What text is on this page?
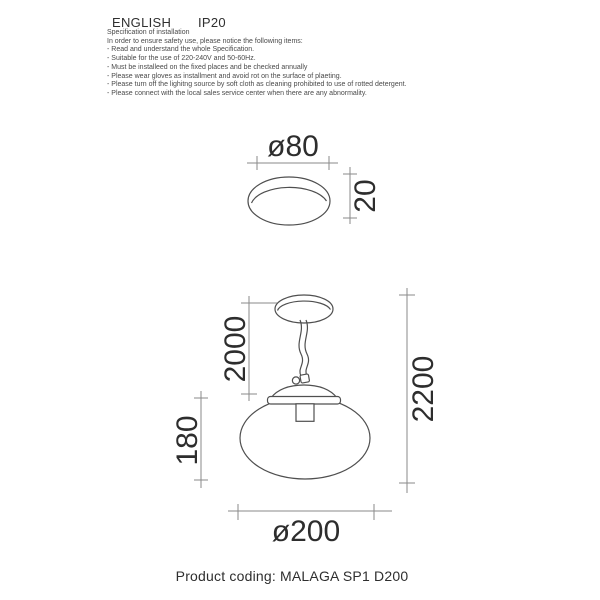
ENGLISH IP20
Specification of installation
In order to ensure safety use, please notice the following items:
- Read and understand the whole Specification.
- Suitable for the use of 220-240V and 50-60Hz.
- Must be installeed on the fixed places and be checked annually
- Please wear gloves as installment and avoid rot on the surface of plaeting.
- Please turn off the lighitng source by soft cloth as cleaning prohibited to use of rotted detergent.
- Please connect with the local sales service center when there are any abnormality.
ø80
20
2000
180
2200
ø200
Product coding: MALAGA SP1 D200
